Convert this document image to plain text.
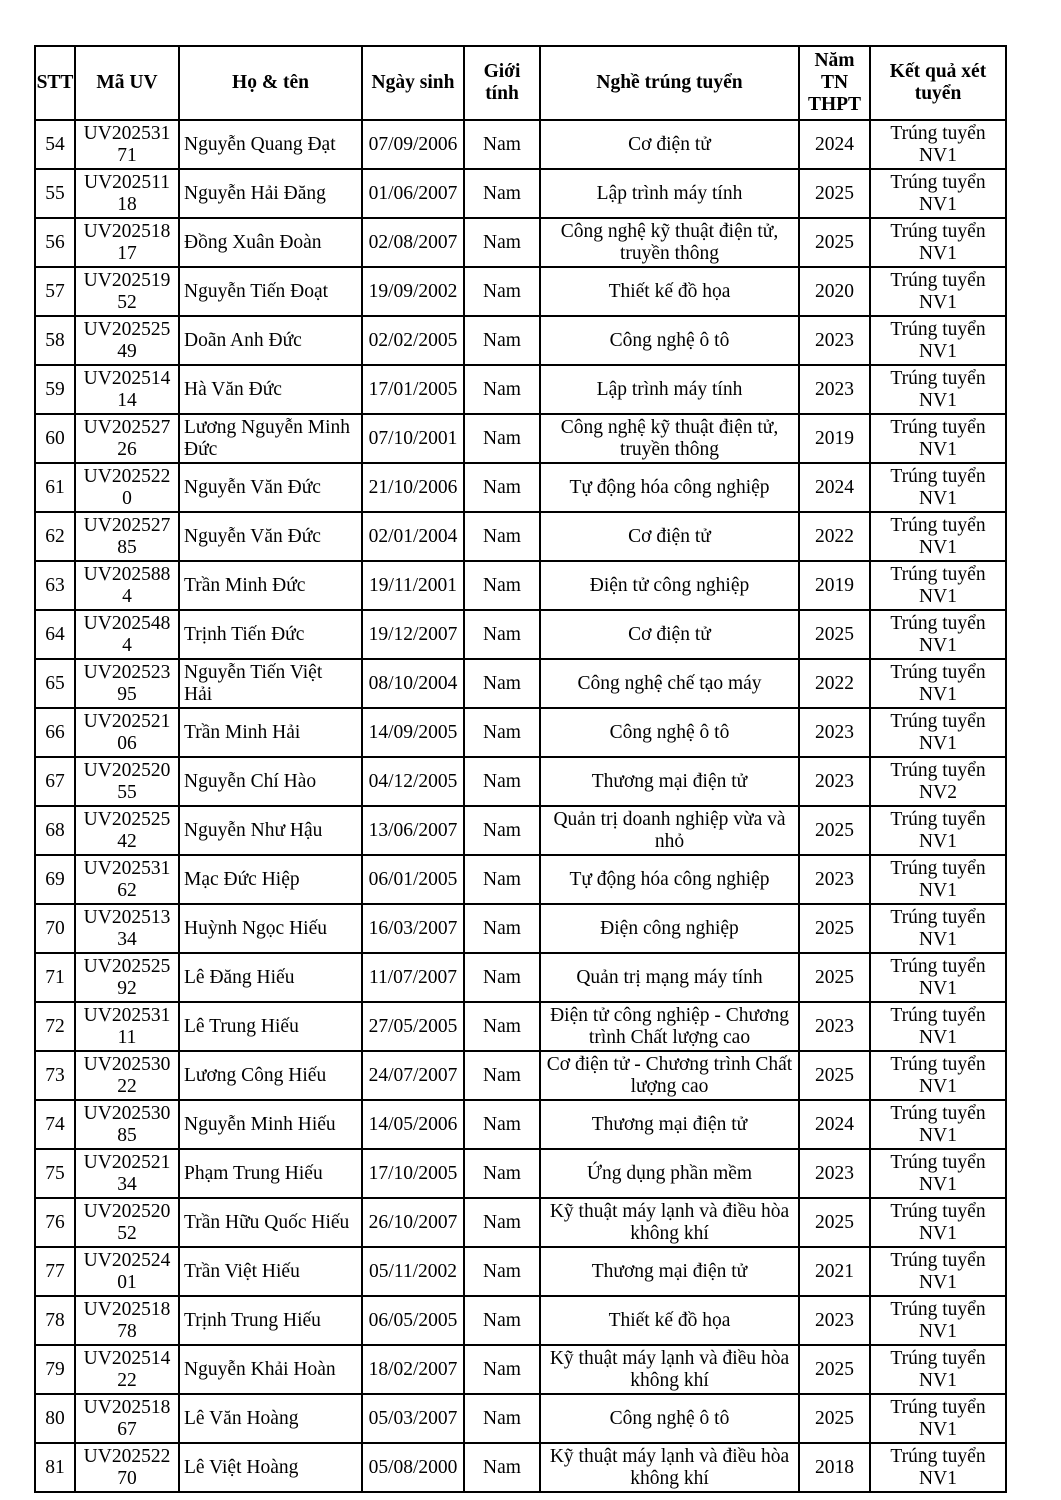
STT	Mã UV	Họ & tên	Ngày sinh	Giới tính	Nghề trúng tuyển	Năm TN THPT	Kết quả xét tuyển
54	UV20253171	Nguyễn Quang Đạt	07/09/2006	Nam	Cơ điện tử	2024	Trúng tuyển NV1
55	UV20251118	Nguyễn Hải Đăng	01/06/2007	Nam	Lập trình máy tính	2025	Trúng tuyển NV1
56	UV20251817	Đồng Xuân Đoàn	02/08/2007	Nam	Công nghệ kỹ thuật điện tử, truyền thông	2025	Trúng tuyển NV1
57	UV20251952	Nguyễn Tiến Đoạt	19/09/2002	Nam	Thiết kế đồ họa	2020	Trúng tuyển NV1
58	UV20252549	Doãn Anh Đức	02/02/2005	Nam	Công nghệ ô tô	2023	Trúng tuyển NV1
59	UV20251414	Hà Văn Đức	17/01/2005	Nam	Lập trình máy tính	2023	Trúng tuyển NV1
60	UV20252726	Lương Nguyễn Minh Đức	07/10/2001	Nam	Công nghệ kỹ thuật điện tử, truyền thông	2019	Trúng tuyển NV1
61	UV2025220	Nguyễn Văn Đức	21/10/2006	Nam	Tự động hóa công nghiệp	2024	Trúng tuyển NV1
62	UV20252785	Nguyễn Văn Đức	02/01/2004	Nam	Cơ điện tử	2022	Trúng tuyển NV1
63	UV2025884	Trần Minh Đức	19/11/2001	Nam	Điện tử công nghiệp	2019	Trúng tuyển NV1
64	UV2025484	Trịnh Tiến Đức	19/12/2007	Nam	Cơ điện tử	2025	Trúng tuyển NV1
65	UV20252395	Nguyễn Tiến Việt Hải	08/10/2004	Nam	Công nghệ chế tạo máy	2022	Trúng tuyển NV1
66	UV20252106	Trần Minh Hải	14/09/2005	Nam	Công nghệ ô tô	2023	Trúng tuyển NV1
67	UV20252055	Nguyễn Chí Hào	04/12/2005	Nam	Thương mại điện tử	2023	Trúng tuyển NV2
68	UV20252542	Nguyễn Như Hậu	13/06/2007	Nam	Quản trị doanh nghiệp vừa và nhỏ	2025	Trúng tuyển NV1
69	UV20253162	Mạc Đức Hiệp	06/01/2005	Nam	Tự động hóa công nghiệp	2023	Trúng tuyển NV1
70	UV20251334	Huỳnh Ngọc Hiếu	16/03/2007	Nam	Điện công nghiệp	2025	Trúng tuyển NV1
71	UV20252592	Lê Đăng Hiếu	11/07/2007	Nam	Quản trị mạng máy tính	2025	Trúng tuyển NV1
72	UV20253111	Lê Trung Hiếu	27/05/2005	Nam	Điện tử công nghiệp - Chương trình Chất lượng cao	2023	Trúng tuyển NV1
73	UV20253022	Lương Công Hiếu	24/07/2007	Nam	Cơ điện tử - Chương trình Chất lượng cao	2025	Trúng tuyển NV1
74	UV20253085	Nguyễn Minh Hiếu	14/05/2006	Nam	Thương mại điện tử	2024	Trúng tuyển NV1
75	UV20252134	Phạm Trung Hiếu	17/10/2005	Nam	Ứng dụng phần mềm	2023	Trúng tuyển NV1
76	UV20252052	Trần Hữu Quốc Hiếu	26/10/2007	Nam	Kỹ thuật máy lạnh và điều hòa không khí	2025	Trúng tuyển NV1
77	UV20252401	Trần Việt Hiếu	05/11/2002	Nam	Thương mại điện tử	2021	Trúng tuyển NV1
78	UV20251878	Trịnh Trung Hiếu	06/05/2005	Nam	Thiết kế đồ họa	2023	Trúng tuyển NV1
79	UV20251422	Nguyễn Khải Hoàn	18/02/2007	Nam	Kỹ thuật máy lạnh và điều hòa không khí	2025	Trúng tuyển NV1
80	UV20251867	Lê Văn Hoàng	05/03/2007	Nam	Công nghệ ô tô	2025	Trúng tuyển NV1
81	UV20252270	Lê Việt Hoàng	05/08/2000	Nam	Kỹ thuật máy lạnh và điều hòa không khí	2018	Trúng tuyển NV1
